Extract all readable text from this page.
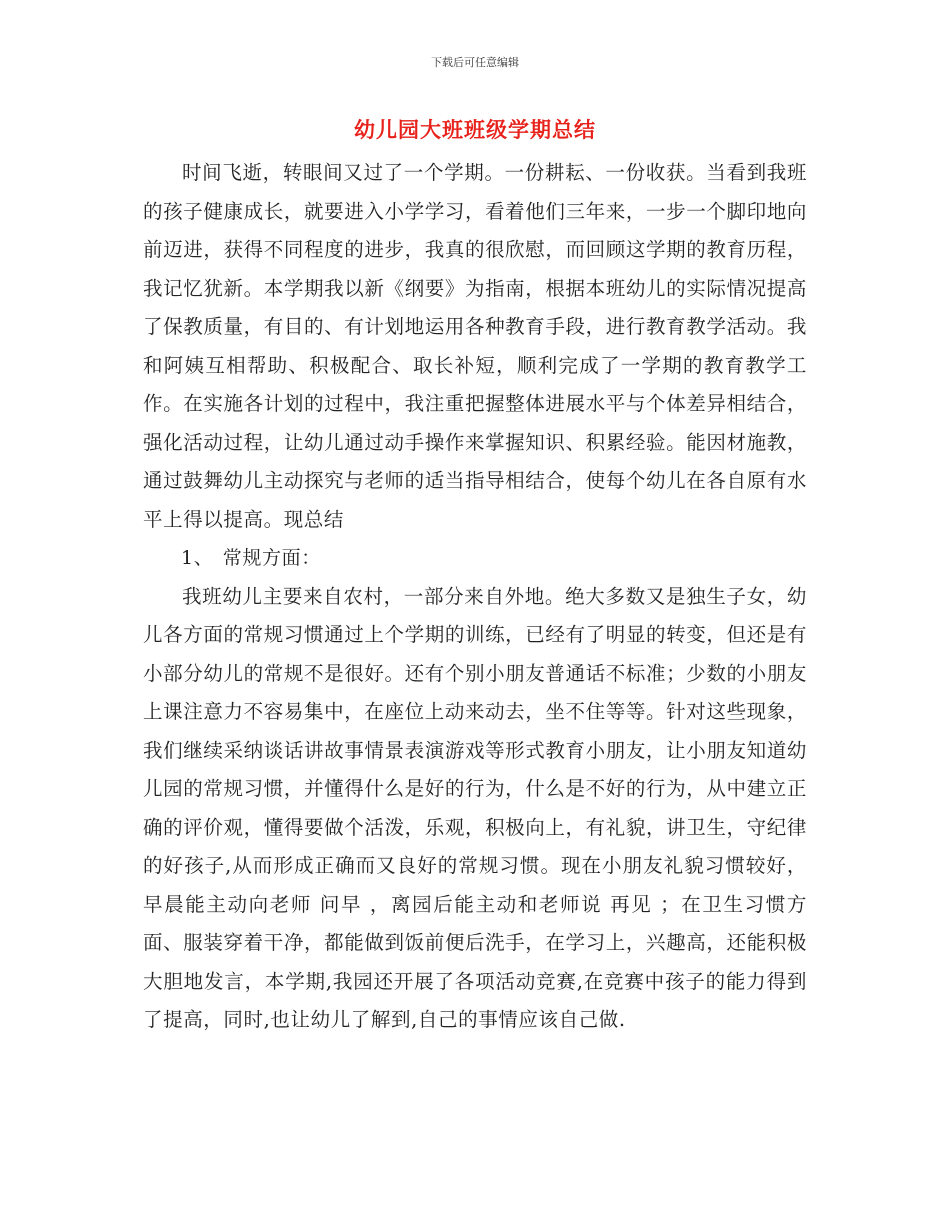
下载后可任意编辑
幼儿园大班班级学期总结

时间飞逝，转眼间又过了一个学期。一份耕耘、一份收获。当看到我班的孩子健康成长，就要进入小学学习，看着他们三年来，一步一个脚印地向前迈进，获得不同程度的进步，我真的很欣慰，而回顾这学期的教育历程，我记忆犹新。本学期我以新《纲要》为指南，根据本班幼儿的实际情况提高了保教质量，有目的、有计划地运用各种教育手段，进行教育教学活动。我和阿姨互相帮助、积极配合、取长补短，顺利完成了一学期的教育教学工作。在实施各计划的过程中，我注重把握整体进展水平与个体差异相结合，强化活动过程，让幼儿通过动手操作来掌握知识、积累经验。能因材施教，通过鼓舞幼儿主动探究与老师的适当指导相结合，使每个幼儿在各自原有水平上得以提高。现总结

1、 常规方面：

我班幼儿主要来自农村，一部分来自外地。绝大多数又是独生子女，幼儿各方面的常规习惯通过上个学期的训练，已经有了明显的转变，但还是有小部分幼儿的常规不是很好。还有个别小朋友普通话不标准；少数的小朋友上课注意力不容易集中，在座位上动来动去，坐不住等等。针对这些现象，我们继续采纳谈话讲故事情景表演游戏等形式教育小朋友，让小朋友知道幼儿园的常规习惯，并懂得什么是好的行为，什么是不好的行为，从中建立正确的评价观，懂得要做个活泼，乐观，积极向上，有礼貌，讲卫生，守纪律的好孩子,从而形成正确而又良好的常规习惯。现在小朋友礼貌习惯较好，早晨能主动向老师 问早 ，离园后能主动和老师说 再见 ；在卫生习惯方面、服装穿着干净，都能做到饭前便后洗手，在学习上，兴趣高，还能积极大胆地发言，本学期,我园还开展了各项活动竞赛,在竞赛中孩子的能力得到了提高，同时,也让幼儿了解到,自己的事情应该自己做.
